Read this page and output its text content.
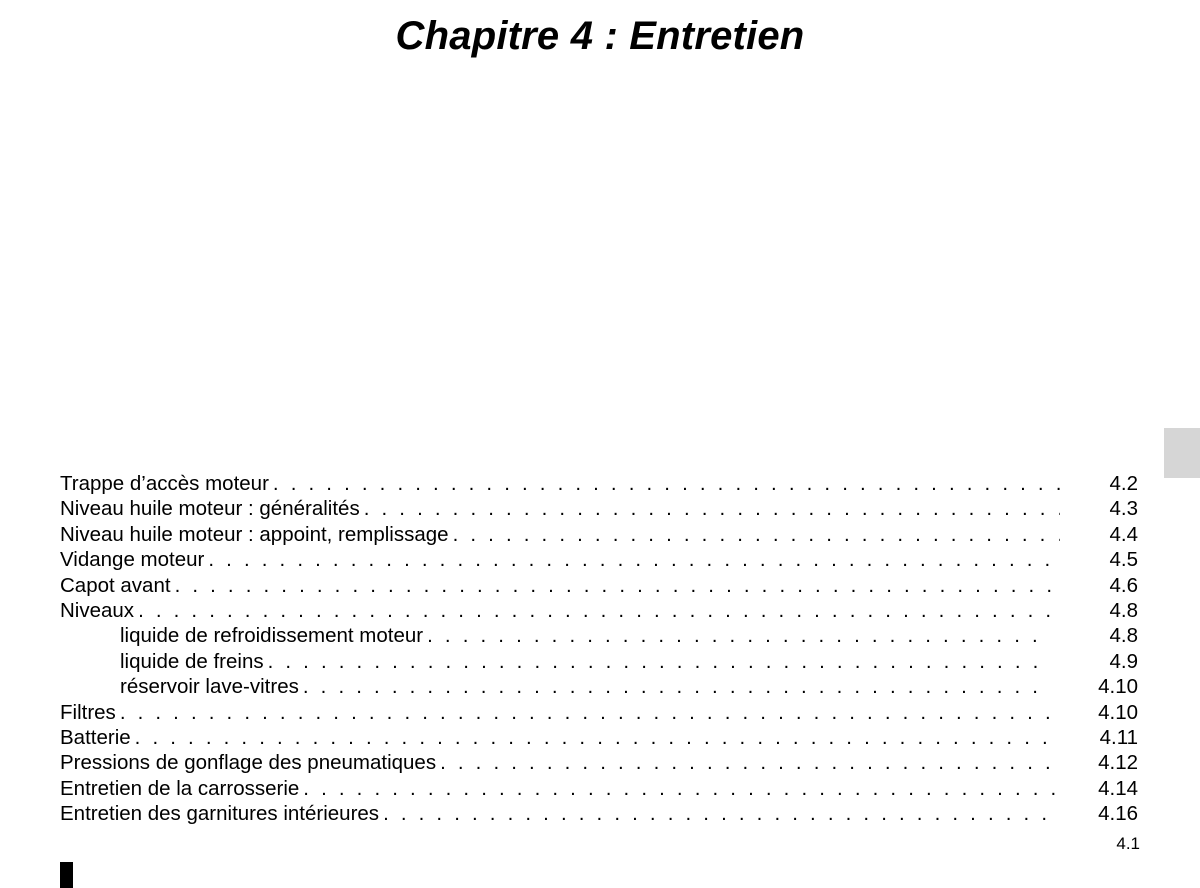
Chapitre 4 : Entretien
Trappe d’accès moteur . . .	4.2
Niveau huile moteur : généralités . . .	4.3
Niveau huile moteur : appoint, remplissage . . .	4.4
Vidange moteur . . .	4.5
Capot avant . . .	4.6
Niveaux . . .	4.8
liquide de refroidissement moteur . . .	4.8
liquide de freins . . .	4.9
réservoir lave-vitres . . .	4.10
Filtres . . .	4.10
Batterie . . .	4.11
Pressions de gonflage des pneumatiques . . .	4.12
Entretien de la carrosserie . . .	4.14
Entretien des garnitures intérieures . . .	4.16
4.1
